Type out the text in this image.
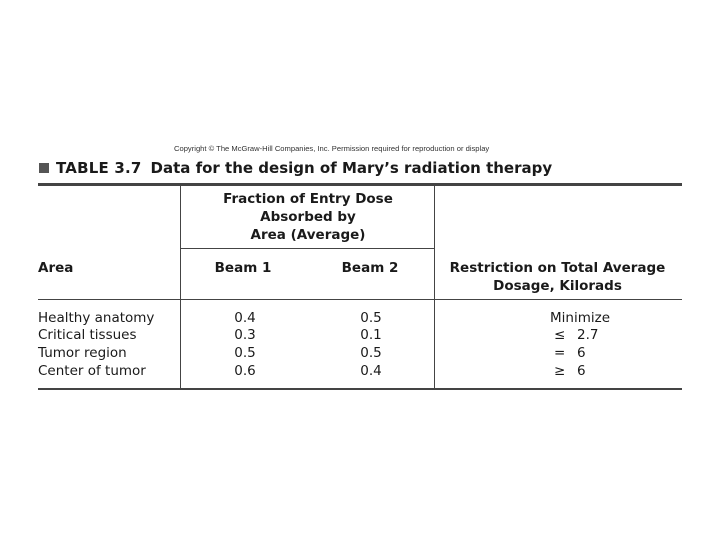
Copyright © The McGraw-Hill Companies, Inc. Permission required for reproduction or display
TABLE 3.7 Data for the design of Mary’s radiation therapy
Fraction of Entry Dose
Absorbed by
Area (Average)
Area	Beam 1	Beam 2	Restriction on Total Average
Dosage, Kilorads
Healthy anatomy	0.4	0.5	Minimize
Critical tissues	0.3	0.1	≤ 2.7
Tumor region	0.5	0.5	= 6
Center of tumor	0.6	0.4	≥ 6
